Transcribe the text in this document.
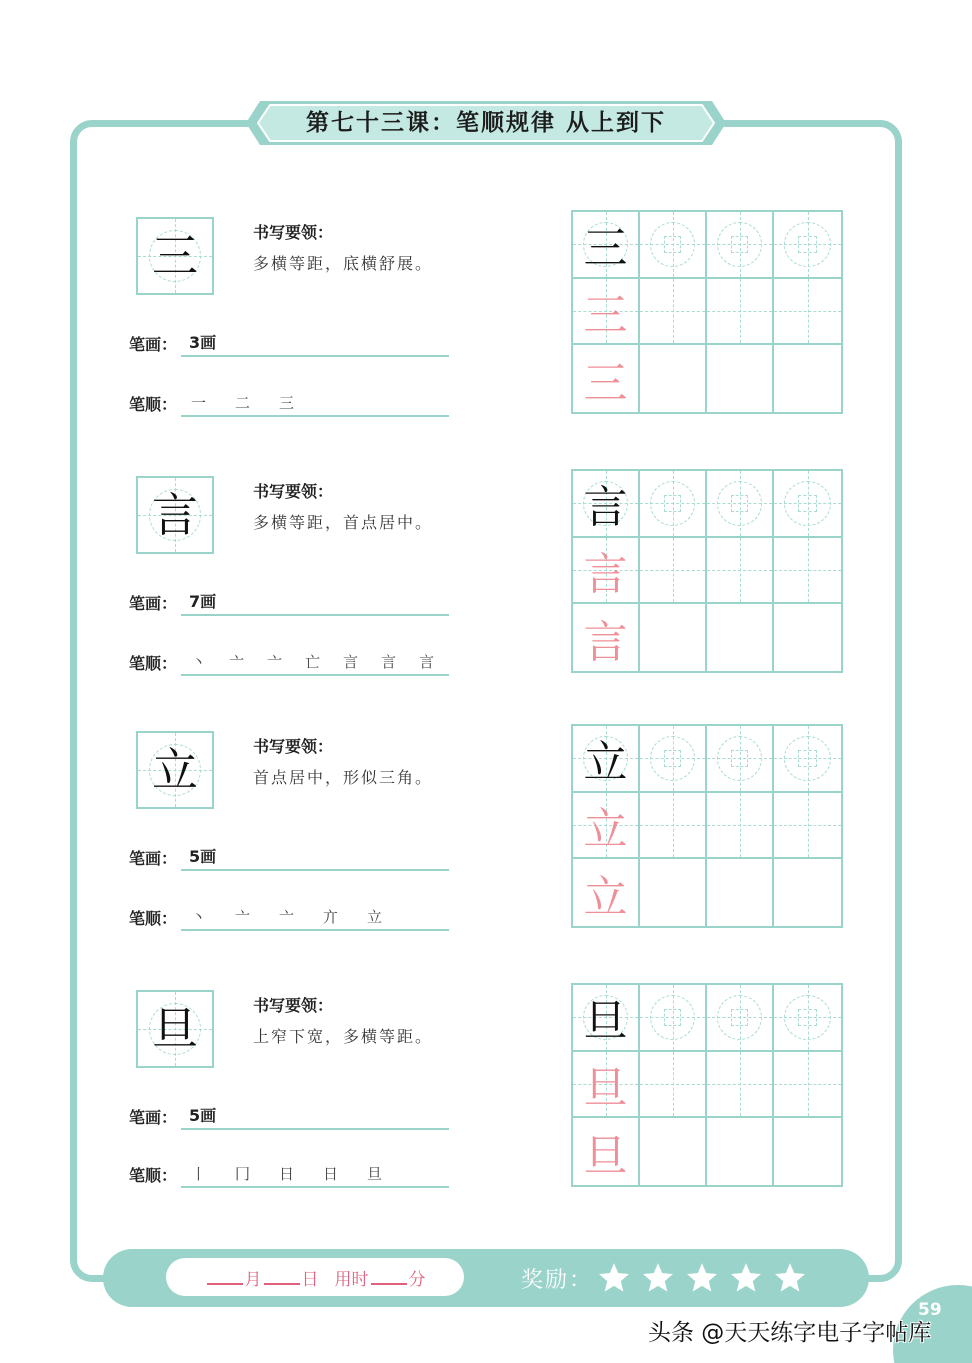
第七十三课：笔顺规律 从上到下
三	书写要领：
多横等距，底横舒展。
笔画： 3画
笔顺： 一	二	三
三
三
三
言	书写要领：
多横等距，首点居中。
笔画： 7画
笔顺： 丶	亠	亠	亡	言	言	言
言
言
言
立	书写要领：
首点居中，形似三角。
笔画： 5画
笔顺： 丶	亠	亠	亣	立
立
立
立
旦	书写要领：
上窄下宽，多横等距。
笔画： 5画
笔顺： 丨	冂	日	日	旦
旦
旦
旦
月 日 用时 分	奖励：
59
头条 @天天练字电子字帖库
